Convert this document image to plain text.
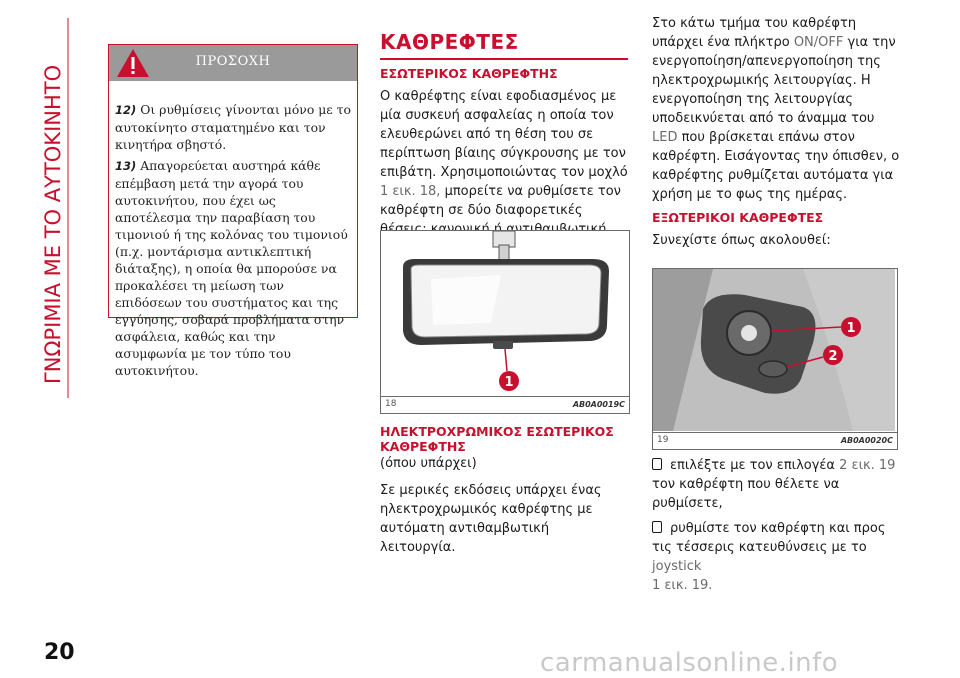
ΓΝΩΡΙΜΙΑ ΜΕ ΤΟ ΑΥΤΟΚΙΝΗΤΟ
ΠΡΟΣΟΧΗ

12) Οι ρυθμίσεις γίνονται μόνο με το αυτοκίνητο σταματημένο και τον κινητήρα σβηστό.

13) Απαγορεύεται αυστηρά κάθε επέμβαση μετά την αγορά του αυτοκινήτου, που έχει ως αποτέλεσμα την παραβίαση του τιμονιού ή της κολόνας του τιμονιού (π.χ. μοντάρισμα αντικλεπτική διάταξης), η οποία θα μπορούσε να προκαλέσει τη μείωση των επιδόσεων του συστήματος και της εγγύησης, σοβαρά προβλήματα στην ασφάλεια, καθώς και την ασυμφωνία με τον τύπο του αυτοκινήτου.

ΚΑΘΡΕΦΤΕΣ
ΕΣΩΤΕΡΙΚΟΣ ΚΑΘΡΕΦΤΗΣ

Ο καθρέφτης είναι εφοδιασμένος με μία συσκευή ασφαλείας η οποία τον ελευθερώνει από τη θέση του σε περίπτωση βίαιης σύγκρουσης με τον επιβάτη. Χρησιμοποιώντας τον μοχλό 1 εικ. 18, μπορείτε να ρυθμίσετε τον καθρέφτη σε δύο διαφορετικές

1
18	AB0A0019C
ΗΛΕΚΤΡΟΧΡΩΜΙΚΟΣ ΕΣΩΤΕΡΙΚΟΣ ΚΑΘΡΕΦΤΗΣ

(όπου υπάρχει)

Σε μερικές εκδόσεις υπάρχει ένας ηλεκτροχρωμικός καθρέφτης με αυτόματη αντιθαμβωτική λειτουργία.

Στο κάτω τμήμα του καθρέφτη υπάρχει ένα πλήκτρο ON/OFF για την ενεργοποίηση/απενεργοποίηση της ηλεκτροχρωμικής λειτουργίας. Η ενεργοποίηση της λειτουργίας υποδεικνύεται από το άναμμα του LED που βρίσκεται επάνω στον καθρέφτη. Εισάγοντας την όπισθεν, ο καθρέφτης ρυθμίζεται αυτόματα για χρήση με το φως της ημέρας.

ΕΞΩΤΕΡΙΚΟΙ ΚΑΘΡΕΦΤΕΣ

Συνεχίστε όπως ακολουθεί:

1
2
19	AB0A0020C

επιλέξτε με τον επιλογέα 2 εικ. 19 τον καθρέφτη που θέλετε να ρυθμίσετε,

ρυθμίστε τον καθρέφτη και προς τις τέσσερις κατευθύνσεις με το joystick
1 εικ. 19.

20	carmanualsonline.info
